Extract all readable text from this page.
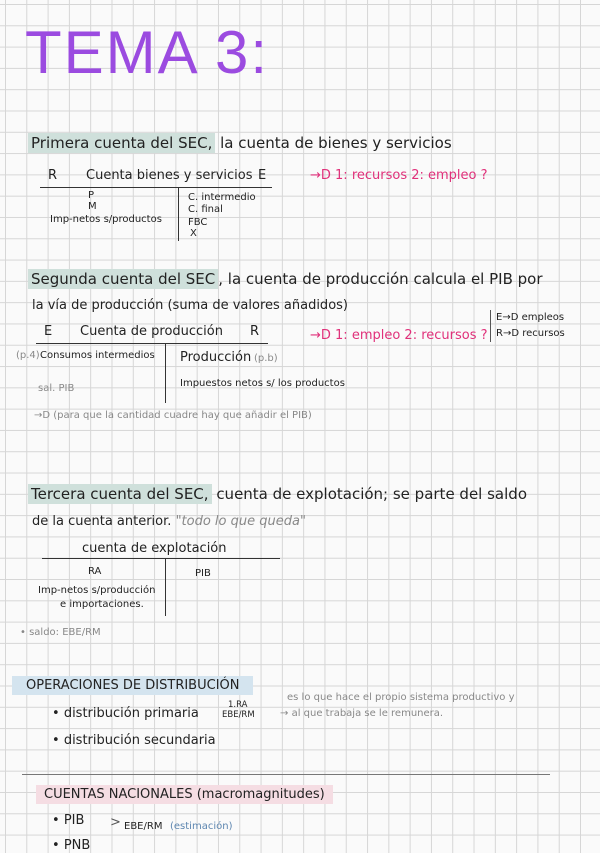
TEMA 3:
Primera cuenta del SEC, la cuenta de bienes y servicios
R Cuenta bienes y servicios E	→D 1: recursos 2: empleo ?
P
M
Imp-netos s/productos
C. intermedio
C. final
FBC
X
Segunda cuenta del SEC , la cuenta de producción calcula el PIB por
la vía de producción (suma de valores añadidos)
E→D empleos
R→D recursos
E Cuenta de producción R	→D 1: empleo 2: recursos ?
(p.4) Consumos intermedios Producción (p.b)
Impuestos netos s/ los productos
sal. PIB
→D (para que la cantidad cuadre hay que añadir el PIB)
Tercera cuenta del SEC, cuenta de explotación; se parte del saldo
de la cuenta anterior. "todo lo que queda"
cuenta de explotación
RA
Imp-netos s/producción
e importaciones.
PIB
• saldo: EBE/RM
OPERACIONES DE DISTRIBUCIÓN
• distribución primaria
1.RA
EBE/RM
es lo que hace el propio sistema productivo y
→ al que trabaja se le remunera.
• distribución secundaria
CUENTAS NACIONALES (macromagnitudes)
• PIB
• PNB
> EBE/RM (estimación)
